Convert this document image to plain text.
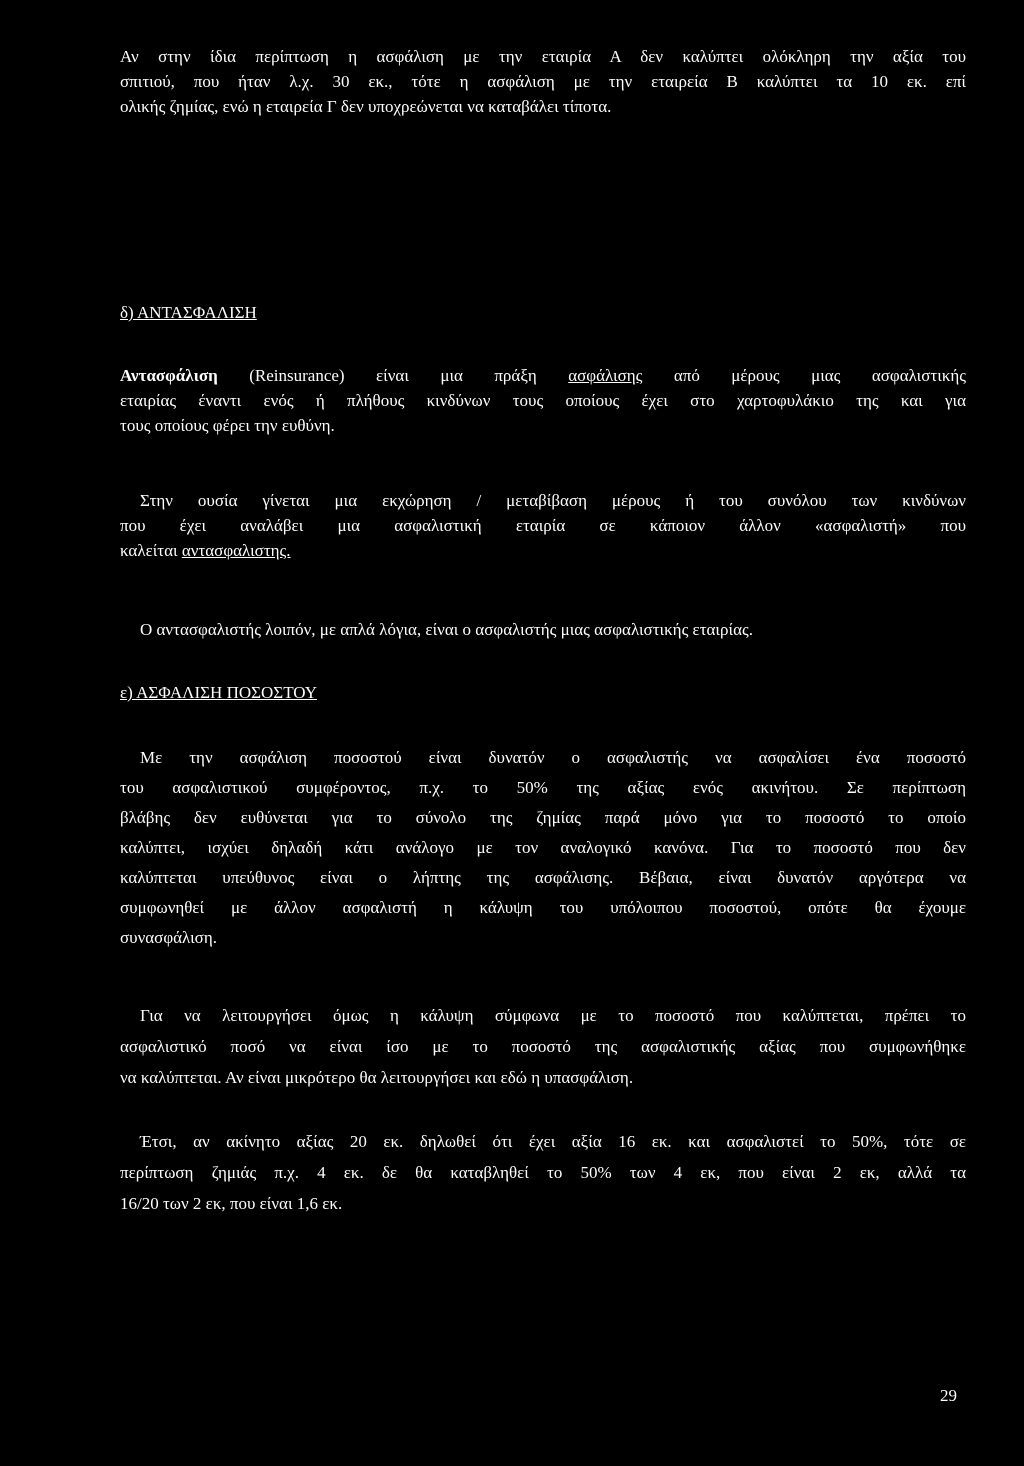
Αν στην ίδια περίπτωση η ασφάλιση με την εταιρία Α δεν καλύπτει ολόκληρη την αξία του
σπιτιού, που ήταν λ.χ. 30 εκ., τότε η ασφάλιση με την εταιρεία Β καλύπτει τα 10 εκ. επί
ολικής ζημίας, ενώ η εταιρεία Γ δεν υποχρεώνεται να καταβάλει τίποτα.
δ) ΑΝΤΑΣΦΑΛΙΣΗ
Αντασφάλιση (Reinsurance) είναι μια πράξη ασφάλισης από μέρους μιας ασφαλιστικής
εταιρίας έναντι ενός ή πλήθους κινδύνων τους οποίους έχει στο χαρτοφυλάκιο της και για
τους οποίους φέρει την ευθύνη.
Στην ουσία γίνεται μια εκχώρηση / μεταβίβαση μέρους ή του συνόλου των κινδύνων
που έχει αναλάβει μια ασφαλιστική εταιρία σε κάποιον άλλον «ασφαλιστή» που
καλείται αντασφαλιστης.
Ο αντασφαλιστής λοιπόν, με απλά λόγια, είναι ο ασφαλιστής μιας ασφαλιστικής εταιρίας.
ε) ΑΣΦΑΛΙΣΗ ΠΟΣΟΣΤΟΥ
Με την ασφάλιση ποσοστού είναι δυνατόν ο ασφαλιστής να ασφαλίσει ένα ποσοστό
του ασφαλιστικού συμφέροντος, π.χ. το 50% της αξίας ενός ακινήτου. Σε περίπτωση
βλάβης δεν ευθύνεται για το σύνολο της ζημίας παρά μόνο για το ποσοστό το οποίο
καλύπτει, ισχύει δηλαδή κάτι ανάλογο με τον αναλογικό κανόνα. Για το ποσοστό που δεν
καλύπτεται υπεύθυνος είναι ο λήπτης της ασφάλισης. Βέβαια, είναι δυνατόν αργότερα να
συμφωνηθεί με άλλον ασφαλιστή η κάλυψη του υπόλοιπου ποσοστού, οπότε θα έχουμε
συνασφάλιση.
Για να λειτουργήσει όμως η κάλυψη σύμφωνα με το ποσοστό που καλύπτεται, πρέπει το
ασφαλιστικό ποσό να είναι ίσο με το ποσοστό της ασφαλιστικής αξίας που συμφωνήθηκε
να καλύπτεται. Αν είναι μικρότερο θα λειτουργήσει και εδώ η υπασφάλιση.
Έτσι, αν ακίνητο αξίας 20 εκ. δηλωθεί ότι έχει αξία 16 εκ. και ασφαλιστεί το 50%, τότε σε
περίπτωση ζημιάς π.χ. 4 εκ. δε θα καταβληθεί το 50% των 4 εκ, που είναι 2 εκ, αλλά τα
16/20 των 2 εκ, που είναι 1,6 εκ.
29
